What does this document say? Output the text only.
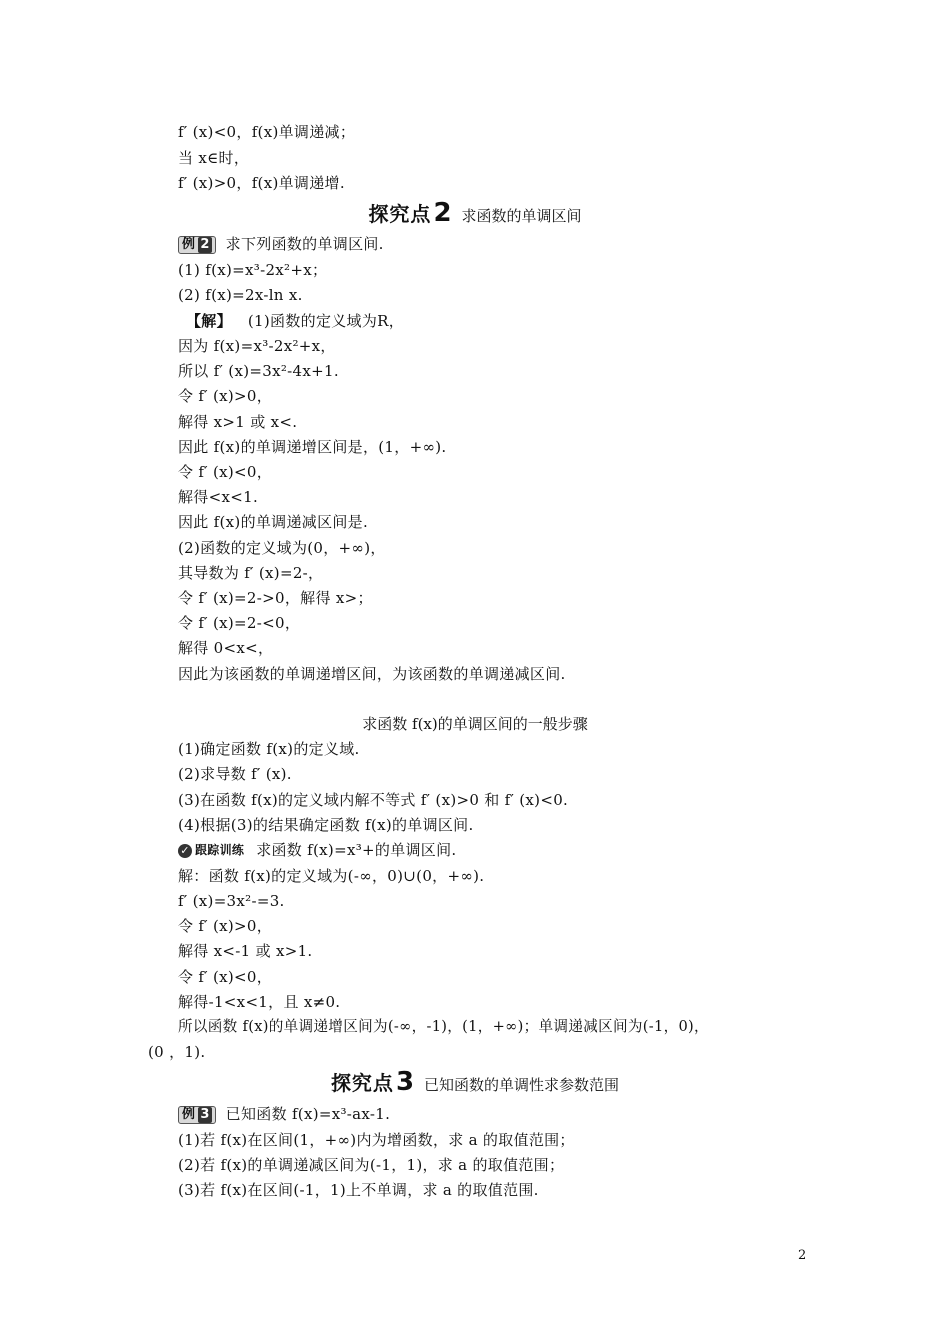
f′ (x)<0，f(x)单调递减；
当 x∈时，
f′ (x)>0，f(x)单调递增.
探究点2 求函数的单调区间
例 2 求下列函数的单调区间.
(1) f(x)=x³-2x²+x；
(2) f(x)=2x-ln x.
【解】 (1)函数的定义域为R，
因为 f(x)=x³-2x²+x，
所以 f′ (x)=3x²-4x+1.
令 f′ (x)>0，
解得 x>1 或 x<.
因此 f(x)的单调递增区间是，(1，+∞).
令 f′ (x)<0，
解得<x<1.
因此 f(x)的单调递减区间是.
(2)函数的定义域为(0，+∞)，
其导数为 f′ (x)=2-，
令 f′ (x)=2->0，解得 x>；
令 f′ (x)=2-<0，
解得 0<x<，
因此为该函数的单调递增区间，为该函数的单调递减区间.
求函数 f(x)的单调区间的一般步骤
(1)确定函数 f(x)的定义域.
(2)求导数 f′ (x).
(3)在函数 f(x)的定义域内解不等式 f′ (x)>0 和 f′ (x)<0.
(4)根据(3)的结果确定函数 f(x)的单调区间.
✓ 跟踪训练 求函数 f(x)=x³+的单调区间.
解：函数 f(x)的定义域为(-∞，0)∪(0，+∞).
f′ (x)=3x²-=3.
令 f′ (x)>0，
解得 x<-1 或 x>1.
令 f′ (x)<0，
解得-1<x<1，且 x≠0.
所以函数 f(x)的单调递增区间为(-∞，-1)，(1，+∞)；单调递减区间为(-1，0)，
(0 ，1).
探究点3 已知函数的单调性求参数范围
例 3 已知函数 f(x)=x³-ax-1.
(1)若 f(x)在区间(1，+∞)内为增函数，求 a 的取值范围；
(2)若 f(x)的单调递减区间为(-1，1)，求 a 的取值范围；
(3)若 f(x)在区间(-1，1)上不单调，求 a 的取值范围.
2
